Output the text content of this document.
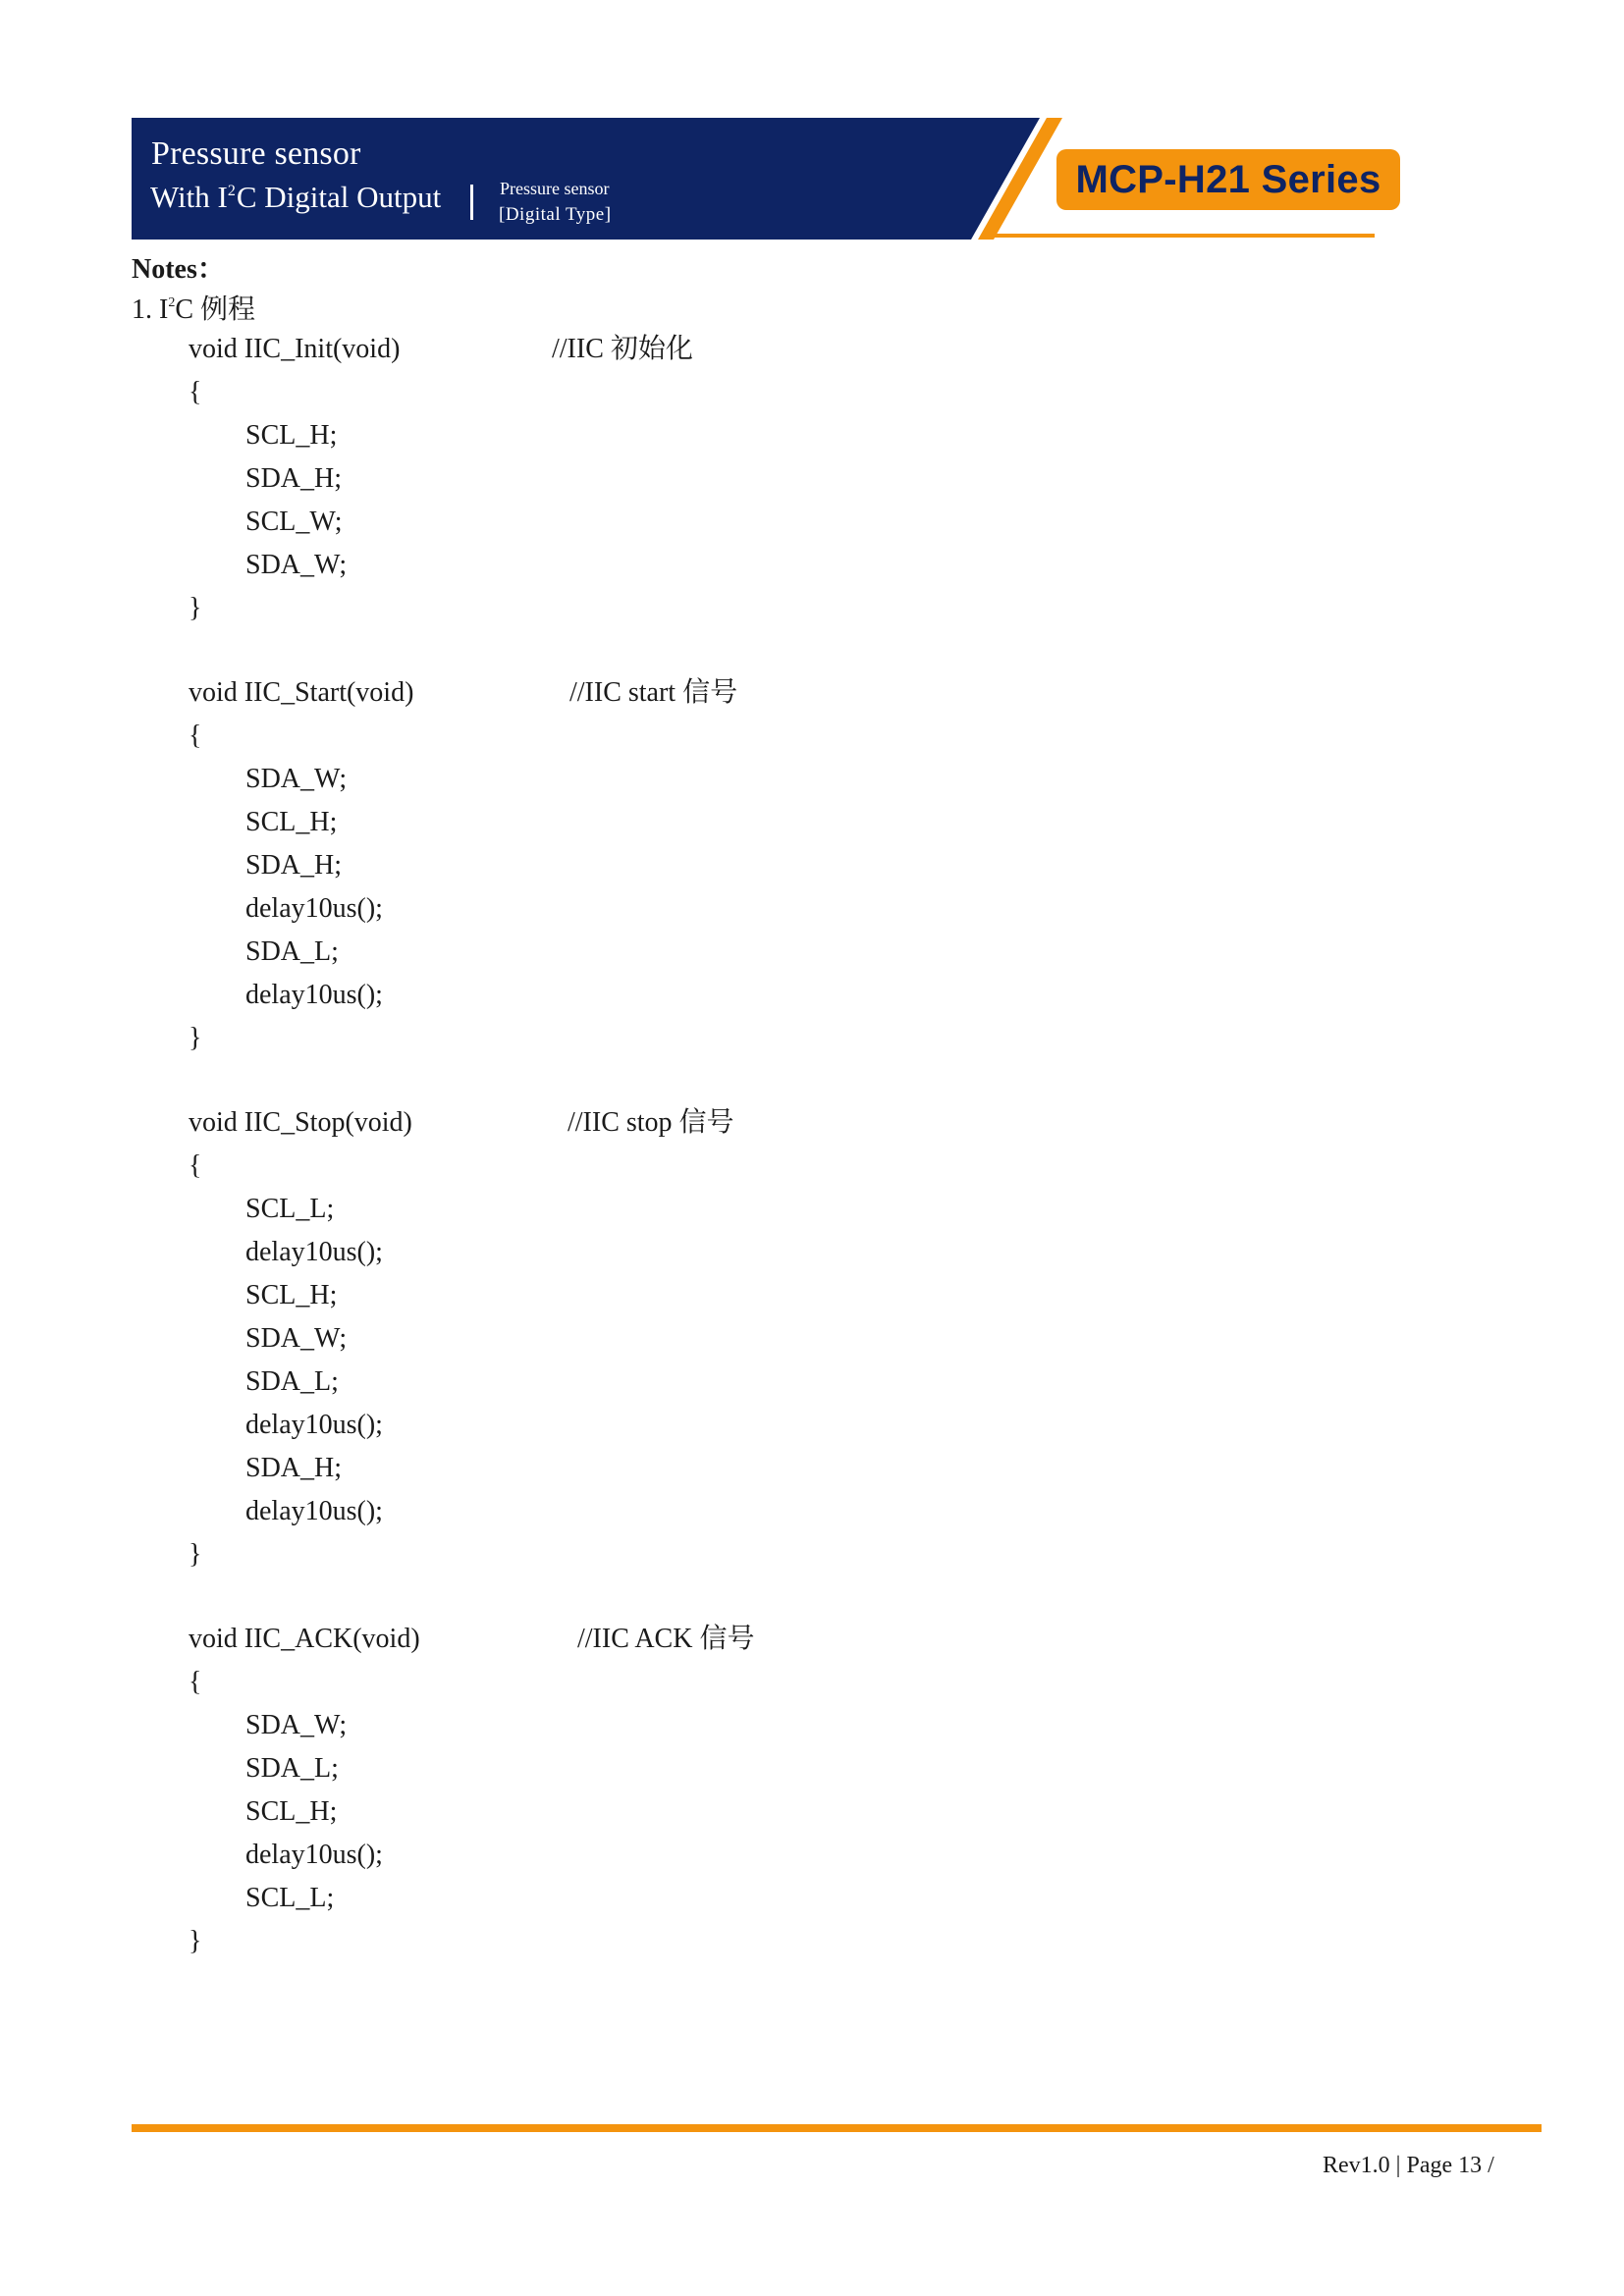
Pressure sensor
With $I^2C$ Digital Output	Pressure sensor
[Digital Type]
MCP-H21 Series
Notes：
1. $I^2C$ 例程
void IIC_Init(void)	//IIC 初始化
{
SCL_H;
SDA_H;
SCL_W;
SDA_W;
}
void IIC_Start(void)	//IIC start 信号
{
SDA_W;
SCL_H;
SDA_H;
delay10us();
SDA_L;
delay10us();
}
void IIC_Stop(void)	//IIC stop 信号
{
SCL_L;
delay10us();
SCL_H;
SDA_W;
SDA_L;
delay10us();
SDA_H;
delay10us();
}
void IIC_ACK(void)	//IIC ACK 信号
{
SDA_W;
SDA_L;
SCL_H;
delay10us();
SCL_L;
}
Rev1.0 | Page 13 /
